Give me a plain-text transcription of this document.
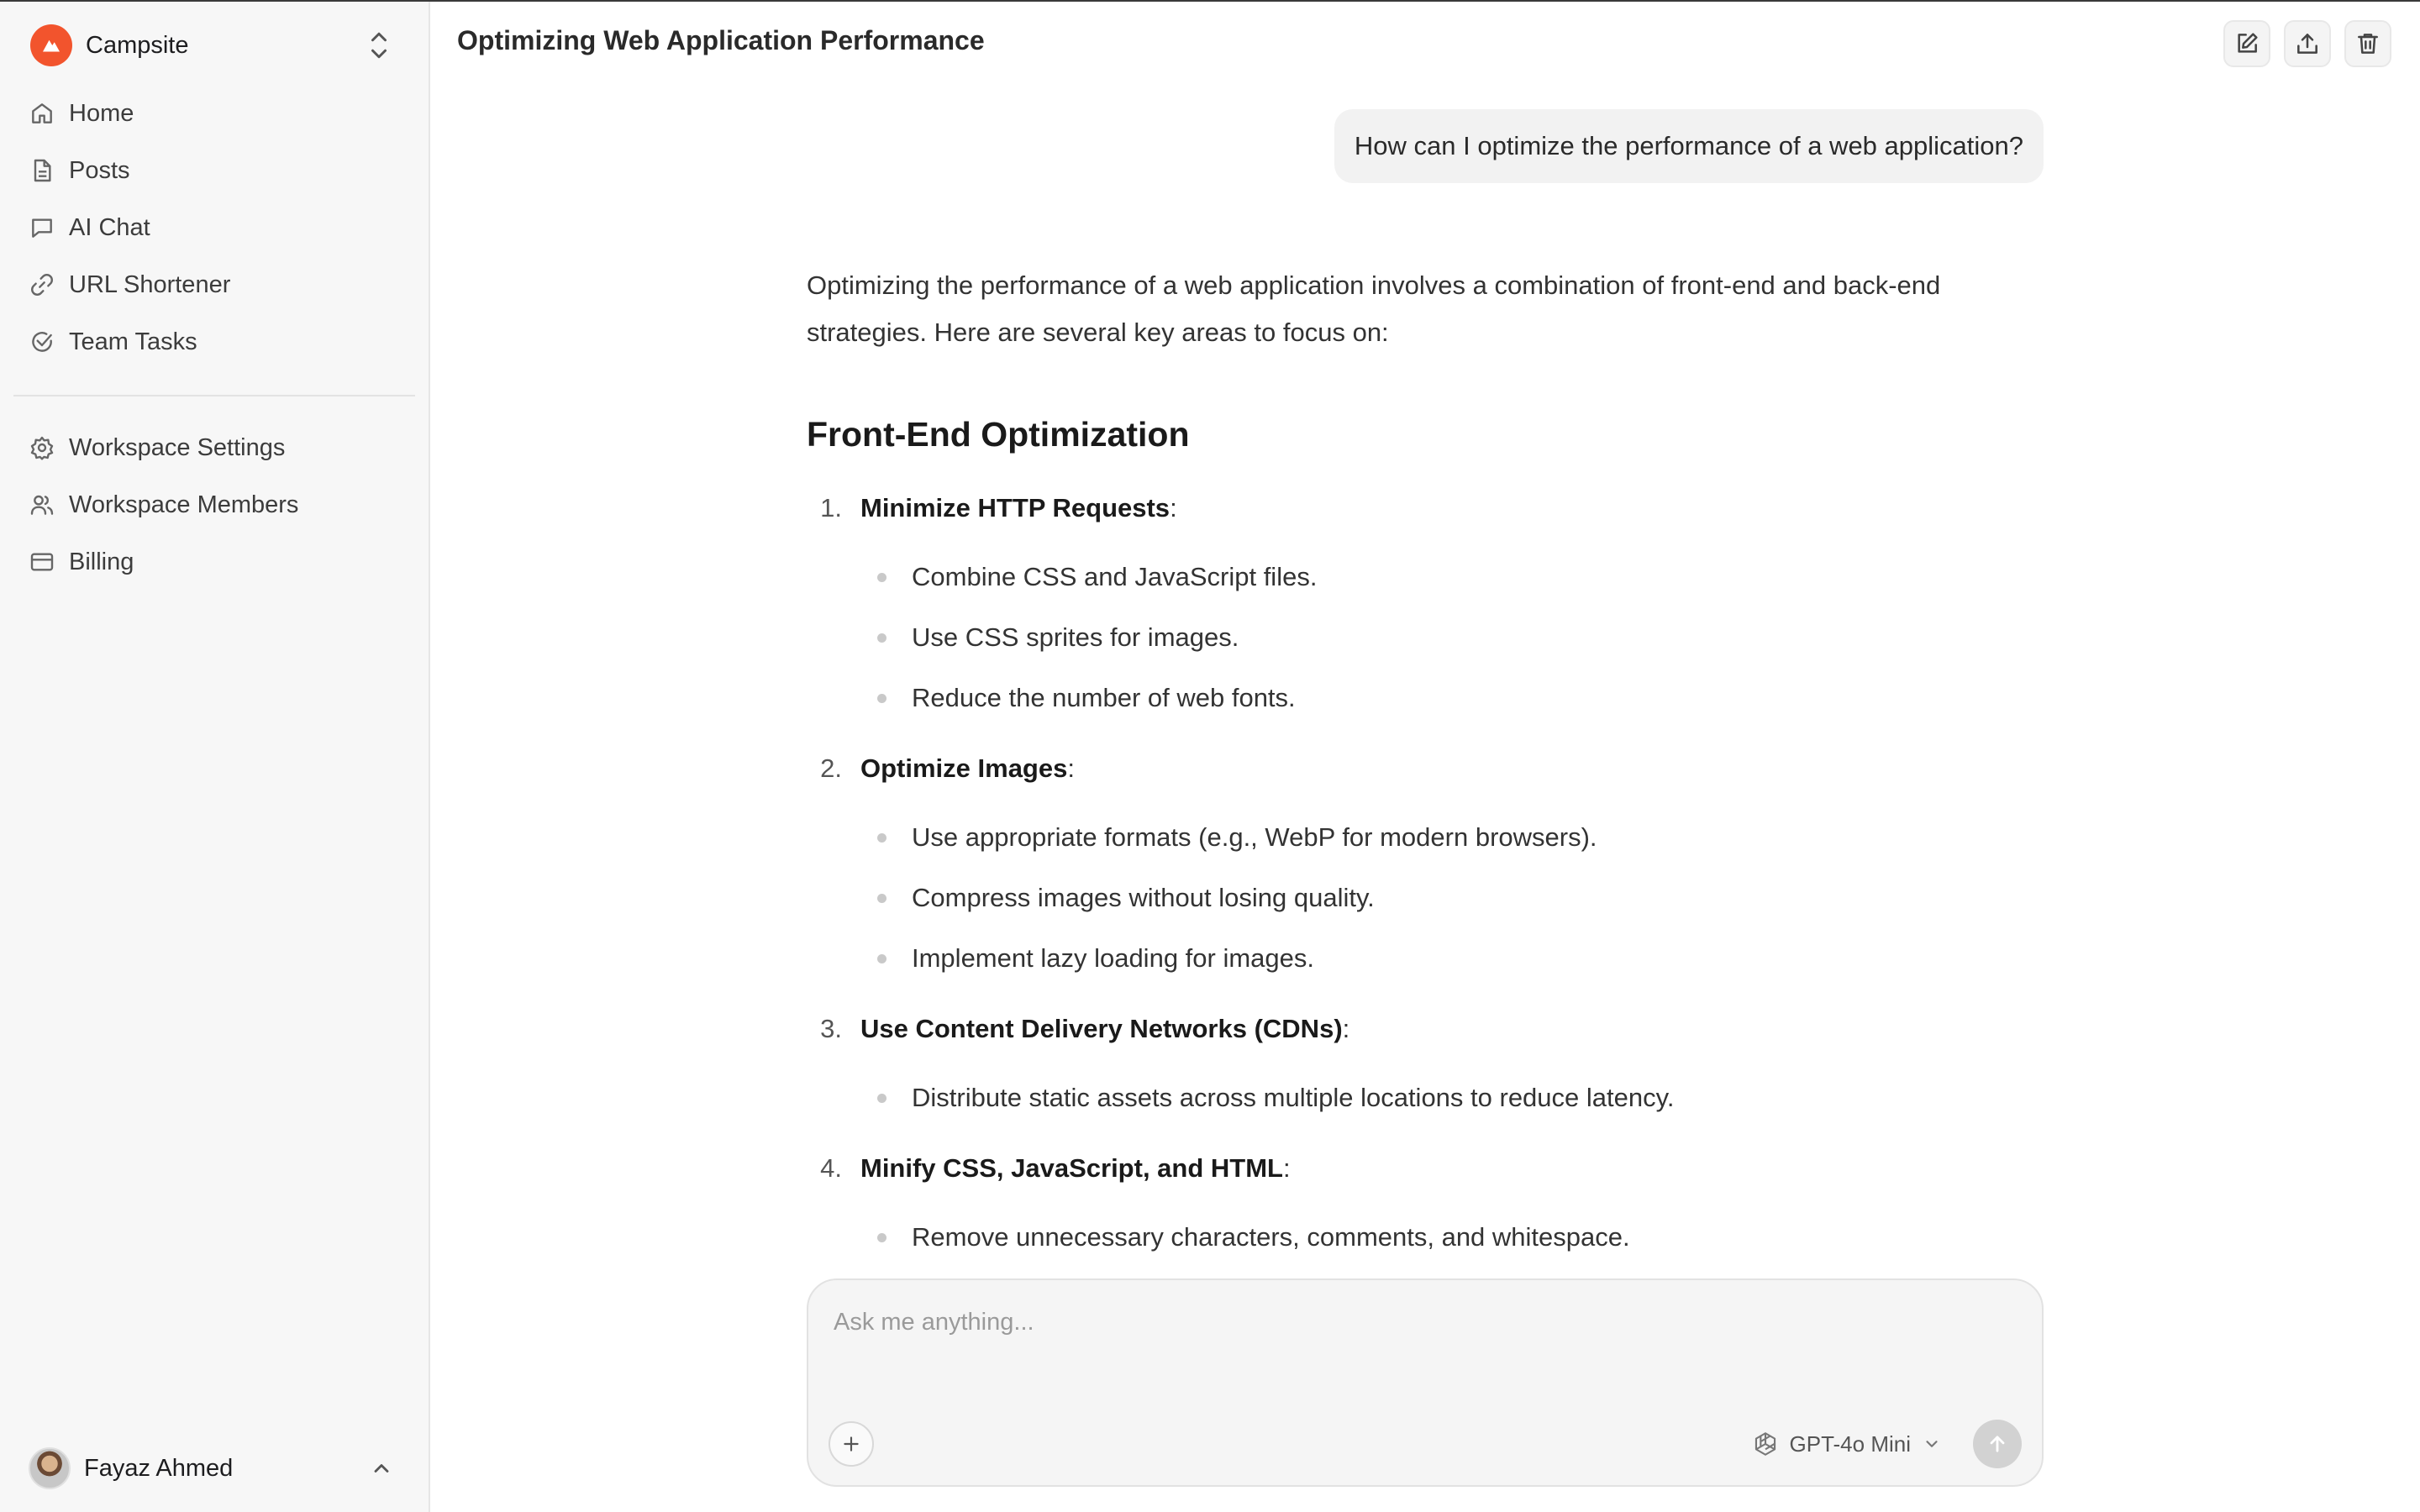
Campsite
Home
Posts
AI Chat
URL Shortener
Team Tasks
Workspace Settings
Workspace Members
Billing
Fayaz Ahmed
Optimizing Web Application Performance
How can I optimize the performance of a web application?

Optimizing the performance of a web application involves a combination of front-end and back-end strategies. Here are several key areas to focus on:

Front-End Optimization
1. Minimize HTTP Requests :
Combine CSS and JavaScript files.
Use CSS sprites for images.
Reduce the number of web fonts.
2. Optimize Images :
Use appropriate formats (e.g., WebP for modern browsers).
Compress images without losing quality.
Implement lazy loading for images.
3. Use Content Delivery Networks (CDNs) :
Distribute static assets across multiple locations to reduce latency.
4. Minify CSS, JavaScript, and HTML :
Remove unnecessary characters, comments, and whitespace.
Ask me anything...
GPT-4o Mini
